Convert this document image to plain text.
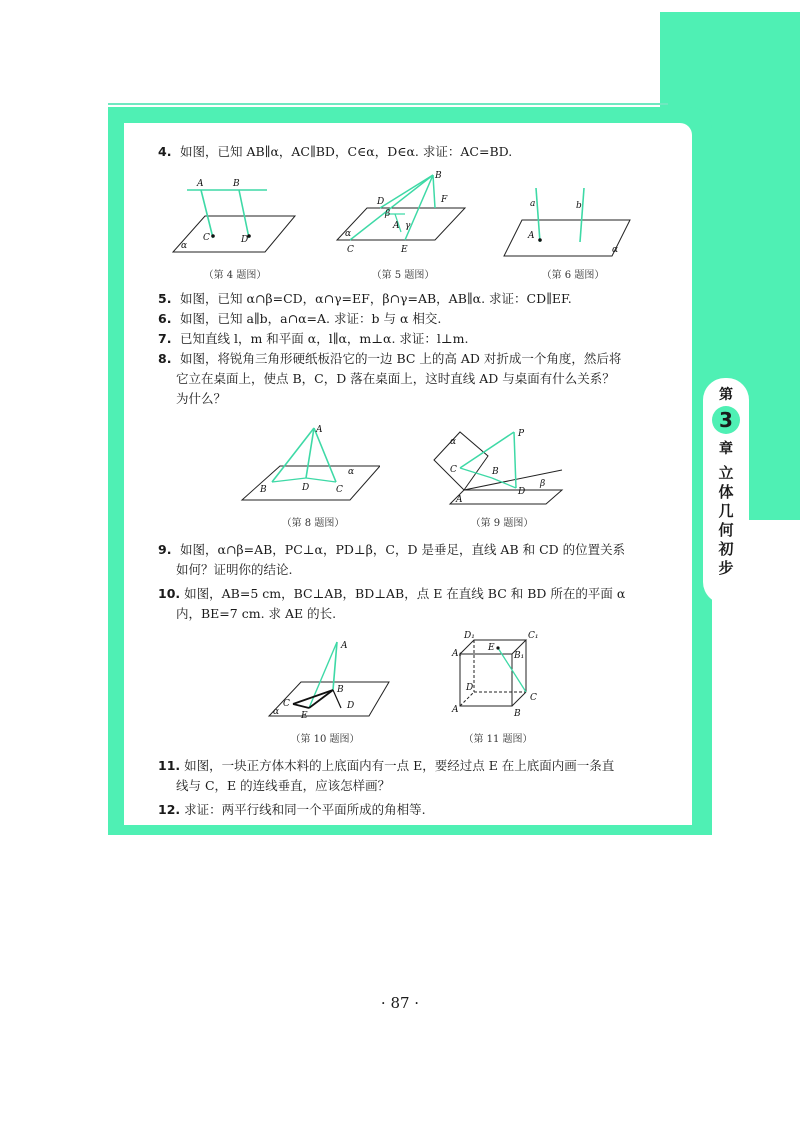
第
3
章
立
体
几
何
初
步
4. 如图，已知 AB∥α，AC∥BD，C∈α，D∈α. 求证：AC=BD.
A	B
C	D
α
（第 4 题图）
B
D	F
β
A γ
α
C	E
（第 5 题图）
a	b
A
α
（第 6 题图）
5. 如图，已知 α∩β=CD，α∩γ=EF，β∩γ=AB，AB∥α. 求证：CD∥EF.
6. 如图，已知 a∥b，a∩α=A. 求证：b 与 α 相交.
7. 已知直线 l，m 和平面 α，l∥α，m⊥α. 求证：l⊥m.
8. 如图，将锐角三角形硬纸板沿它的一边 BC 上的高 AD 对折成一个角度，然后将
它立在桌面上，使点 B，C，D 落在桌面上，这时直线 AD 与桌面有什么关系？
为什么？
A
B	D	C
α
（第 8 题图）
α
P
C	B
D
β
A
（第 9 题图）
9. 如图，α∩β=AB，PC⊥α，PD⊥β，C，D 是垂足，直线 AB 和 CD 的位置关系
如何？证明你的结论.
10. 如图，AB=5 cm，BC⊥AB，BD⊥AB，点 E 在直线 BC 和 BD 所在的平面 α
内，BE=7 cm. 求 AE 的长.
A
B
C	D
E
α
（第 10 题图）
D₁	C₁
A₁
E
B₁
D
C
A	B
（第 11 题图）
11. 如图，一块正方体木料的上底面内有一点 E，要经过点 E 在上底面内画一条直
线与 C，E 的连线垂直，应该怎样画？
12. 求证：两平行线和同一个平面所成的角相等.
· 87 ·
